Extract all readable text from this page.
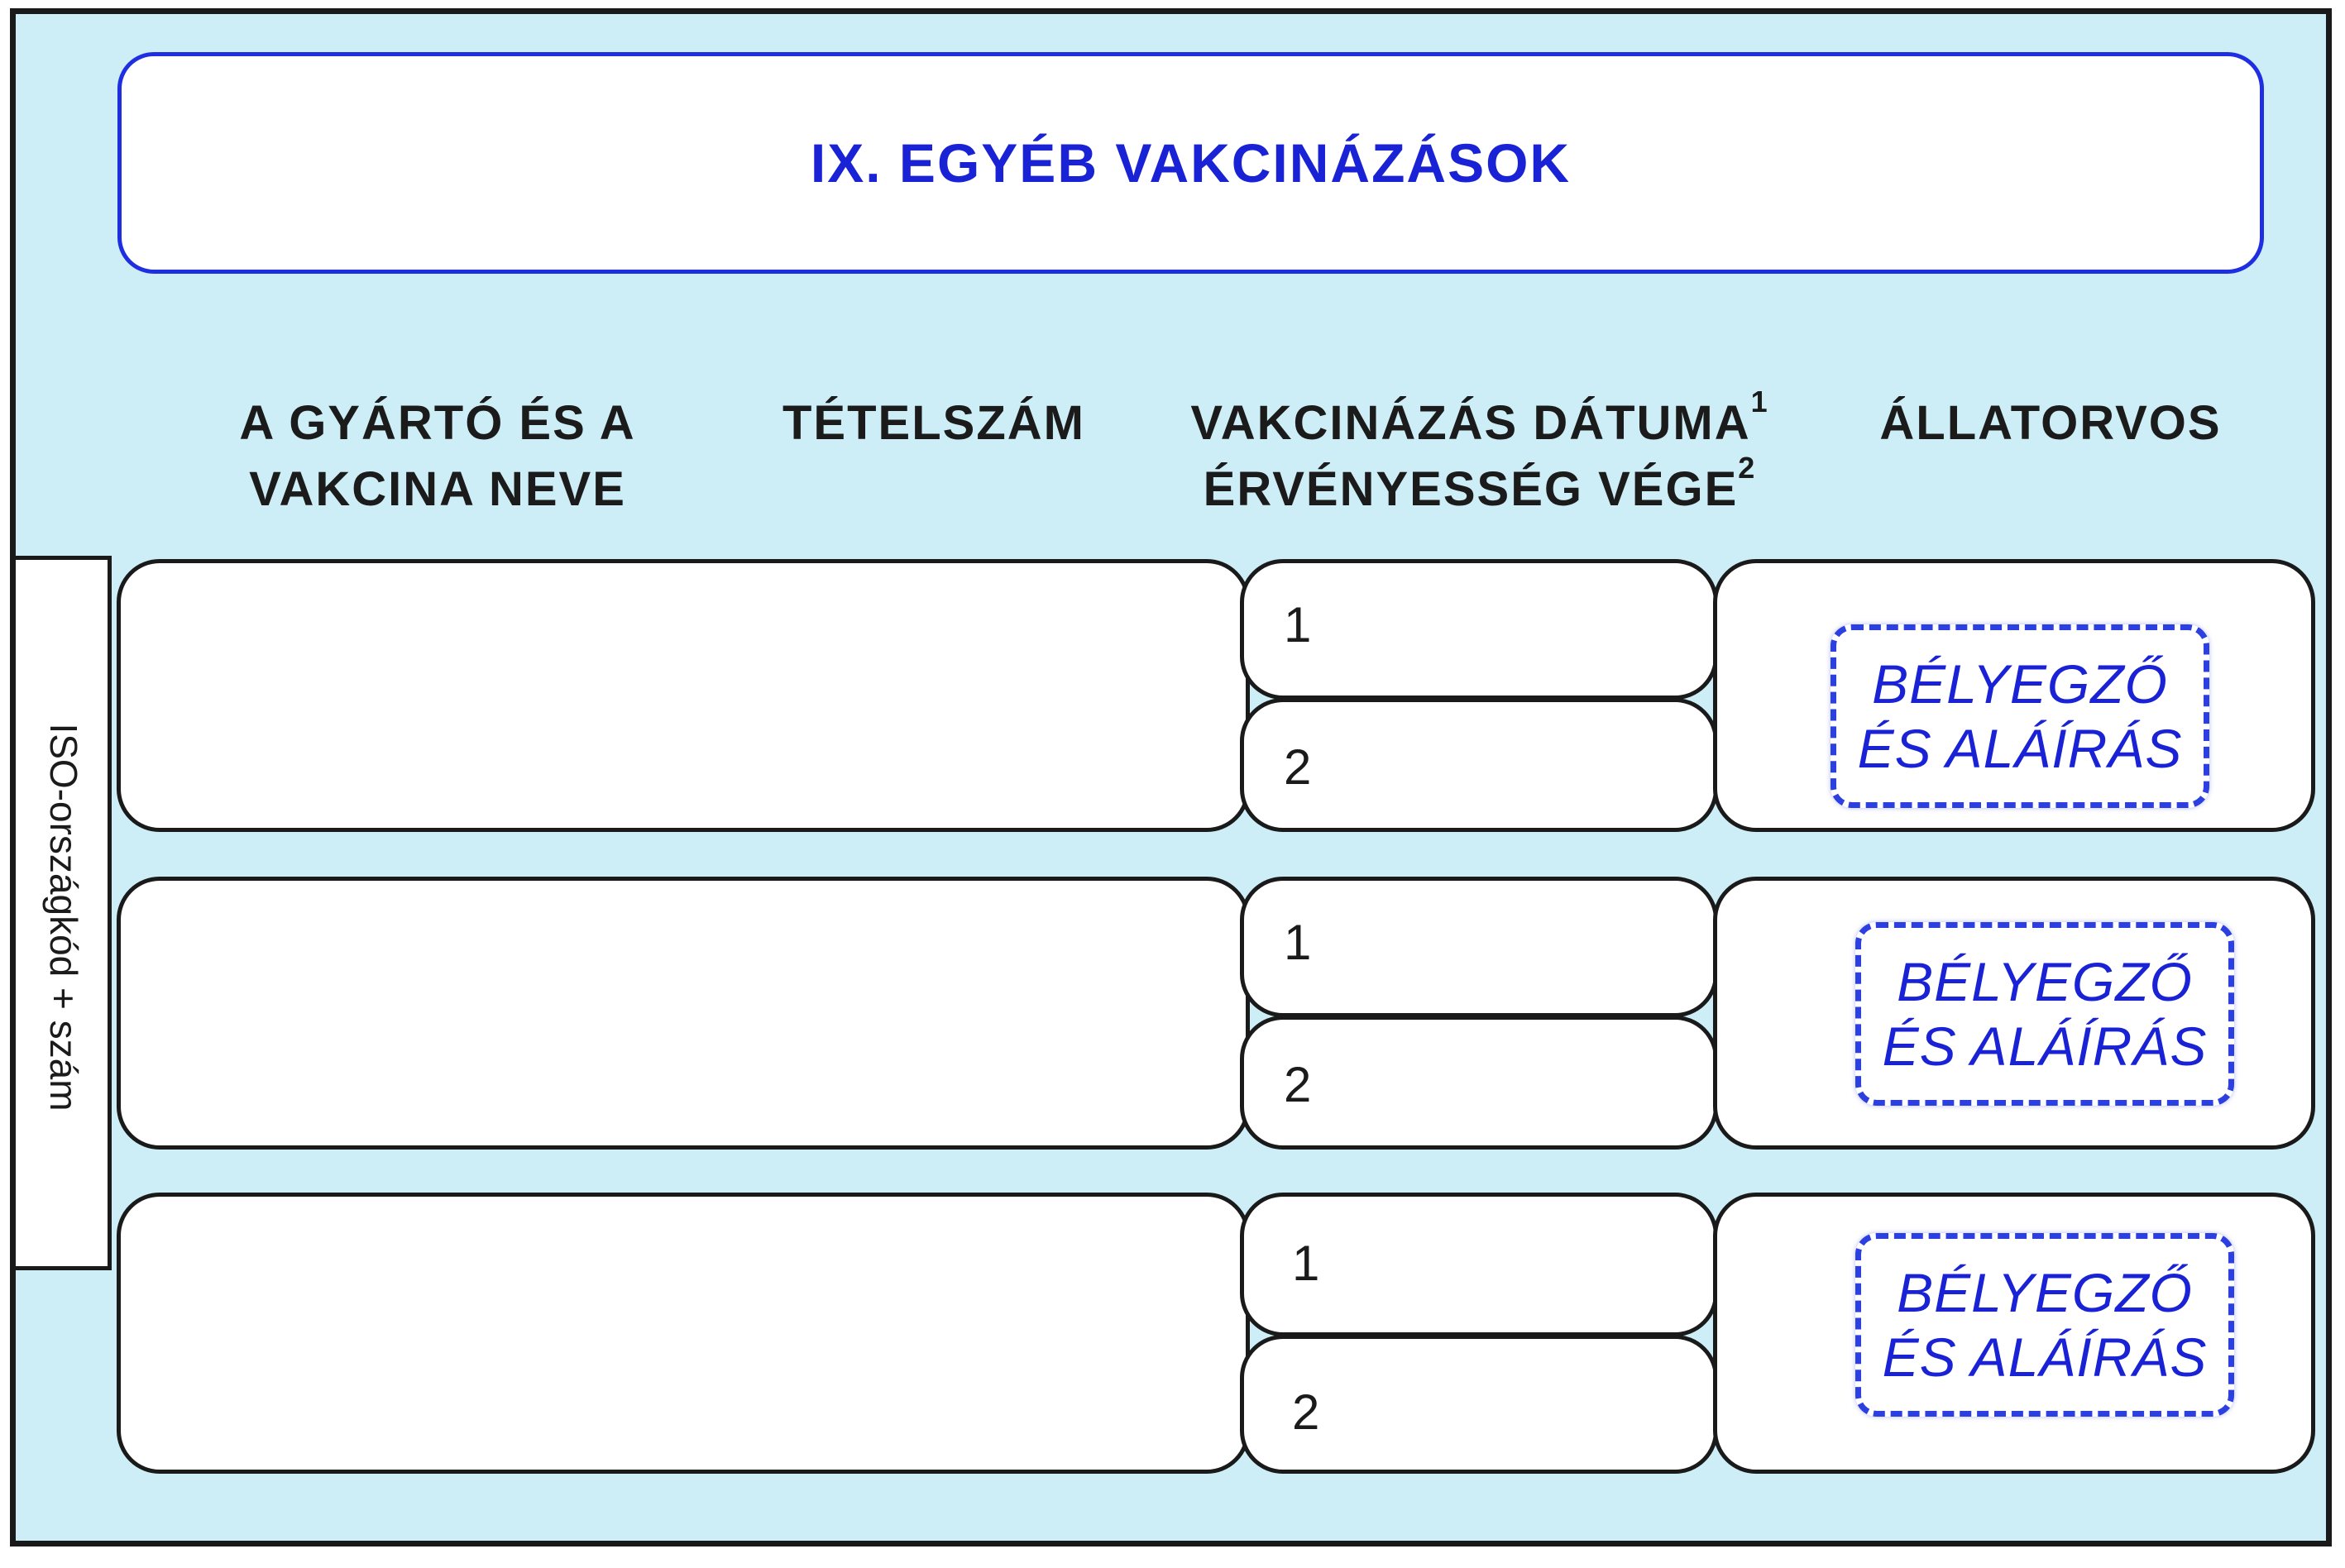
IX. EGYÉB VAKCINÁZÁSOK
A GYÁRTÓ ÉS A
VAKCINA NEVE
TÉTELSZÁM	VAKCINÁZÁS DÁTUMA$^1$
ÉRVÉNYESSÉG VÉGE$^2$
ÁLLATORVOS
ISO-országkód + szám
1
2
BÉLYEGZŐ
ÉS ALÁÍRÁS
1
2
BÉLYEGZŐ
ÉS ALÁÍRÁS
1
2
BÉLYEGZŐ
ÉS ALÁÍRÁS
